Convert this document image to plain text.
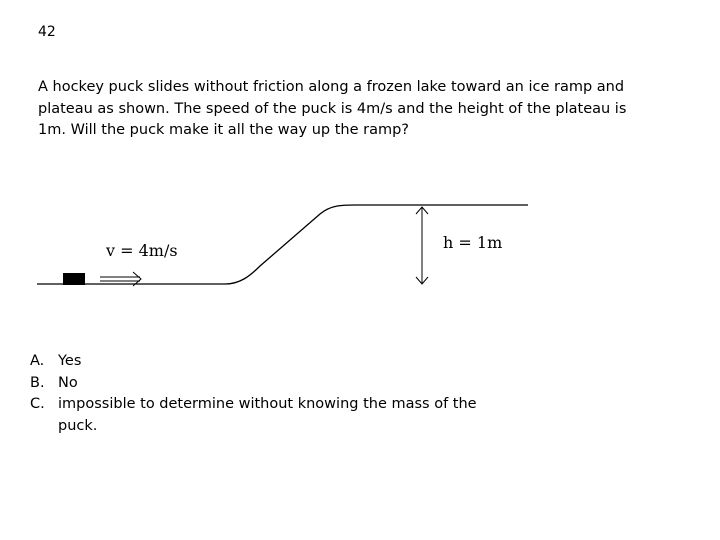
42

A hockey puck slides without friction along a frozen lake toward an ice ramp and plateau as shown. The speed of the puck is 4m/s and the height of the plateau is 1m. Will the puck make it all the way up the ramp?

v = 4m/s	h = 1m
A. Yes
B. No
C. impossible to determine without knowing the mass of the puck.
